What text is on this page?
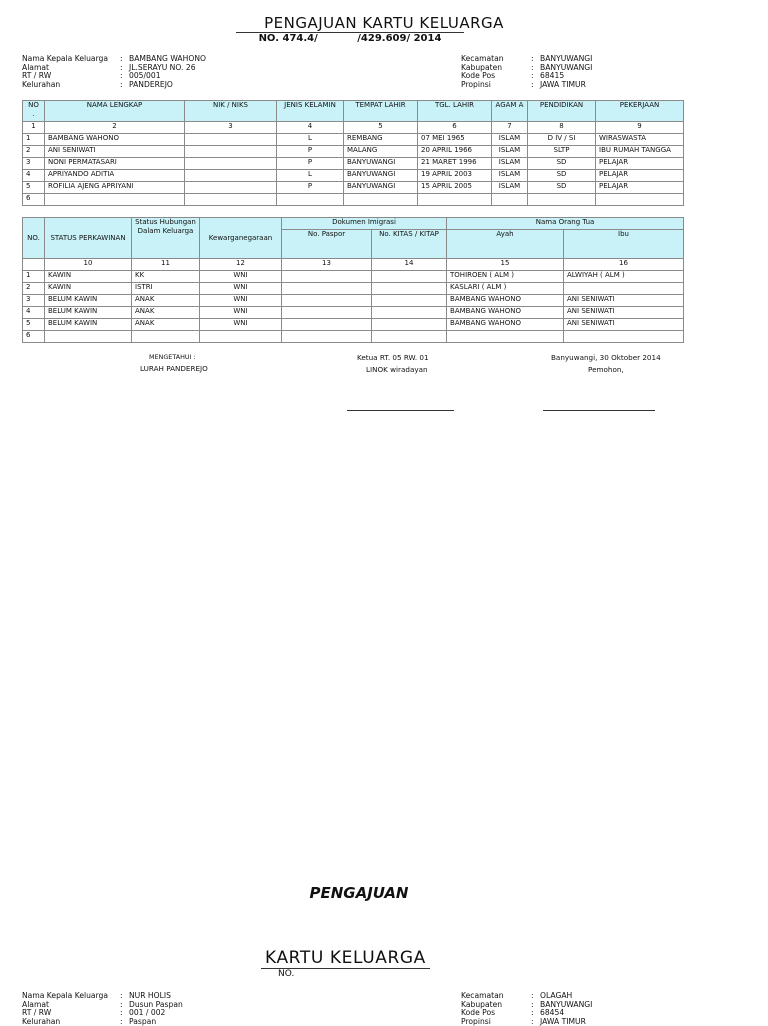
PENGAJUAN KARTU KELUARGA
NO. 474.4/	/429.609/ 2014
Nama Kepala Keluarga	: BAMBANG WAHONO
Alamat	: JL.SERAYU NO. 26
RT / RW	: 005/001
Kelurahan	: PANDEREJO
Kecamatan	: BANYUWANGI
Kabupaten	: BANYUWANGI
Kode Pos	: 68415
Propinsi	: JAWA TIMUR
NO .	NAMA LENGKAP	NIK / NIKS	JENIS KELAMIN	TEMPAT LAHIR	TGL. LAHIR	AGAM A	PENDIDIKAN	PEKERJAAN
1	2	3	4	5	6	7	8	9
1	BAMBANG WAHONO		L	REMBANG	07 MEI 1965	ISLAM	D IV / SI	WIRASWASTA
2	ANI SENIWATI		P	MALANG	20 APRIL 1966	ISLAM	SLTP	IBU RUMAH TANGGA
3	NONI PERMATASARI		P	BANYUWANGI	21 MARET 1996	ISLAM	SD	PELAJAR
4	APRIYANDO ADITIA		L	BANYUWANGI	19 APRIL 2003	ISLAM	SD	PELAJAR
5	ROFILIA AJENG APRIYANI		P	BANYUWANGI	15 APRIL 2005	ISLAM	SD	PELAJAR
6								
NO.	STATUS PERKAWINAN	Status Hubungan Dalam Keluarga	Kewarganegaraan	Dokumen Imigrasi		Nama Orang Tua	
				No. Paspor	No. KITAS / KITAP	Ayah	Ibu
	10	11	12	13	14	15	16
1	KAWIN	KK	WNI			TOHIROEN ( ALM )	ALWIYAH ( ALM )
2	KAWIN	ISTRI	WNI			KASLARI ( ALM )	
3	BELUM KAWIN	ANAK	WNI			BAMBANG WAHONO	ANI SENIWATI
4	BELUM KAWIN	ANAK	WNI			BAMBANG WAHONO	ANI SENIWATI
5	BELUM KAWIN	ANAK	WNI			BAMBANG WAHONO	ANI SENIWATI
6							
MENGETAHUI :
LURAH PANDEREJO
Ketua RT. 05 RW. 01
LINOK wiradayan
Banyuwangi, 30 Oktober 2014
Pemohon,
PENGAJUAN
KARTU KELUARGA
NO.
Nama Kepala Keluarga	: NUR HOLIS
Alamat	: Dusun Paspan
RT / RW	: 001 / 002
Kelurahan	: Paspan
Kecamatan	: OLAGAH
Kabupaten	: BANYUWANGI
Kode Pos	: 68454
Propinsi	: JAWA TIMUR
